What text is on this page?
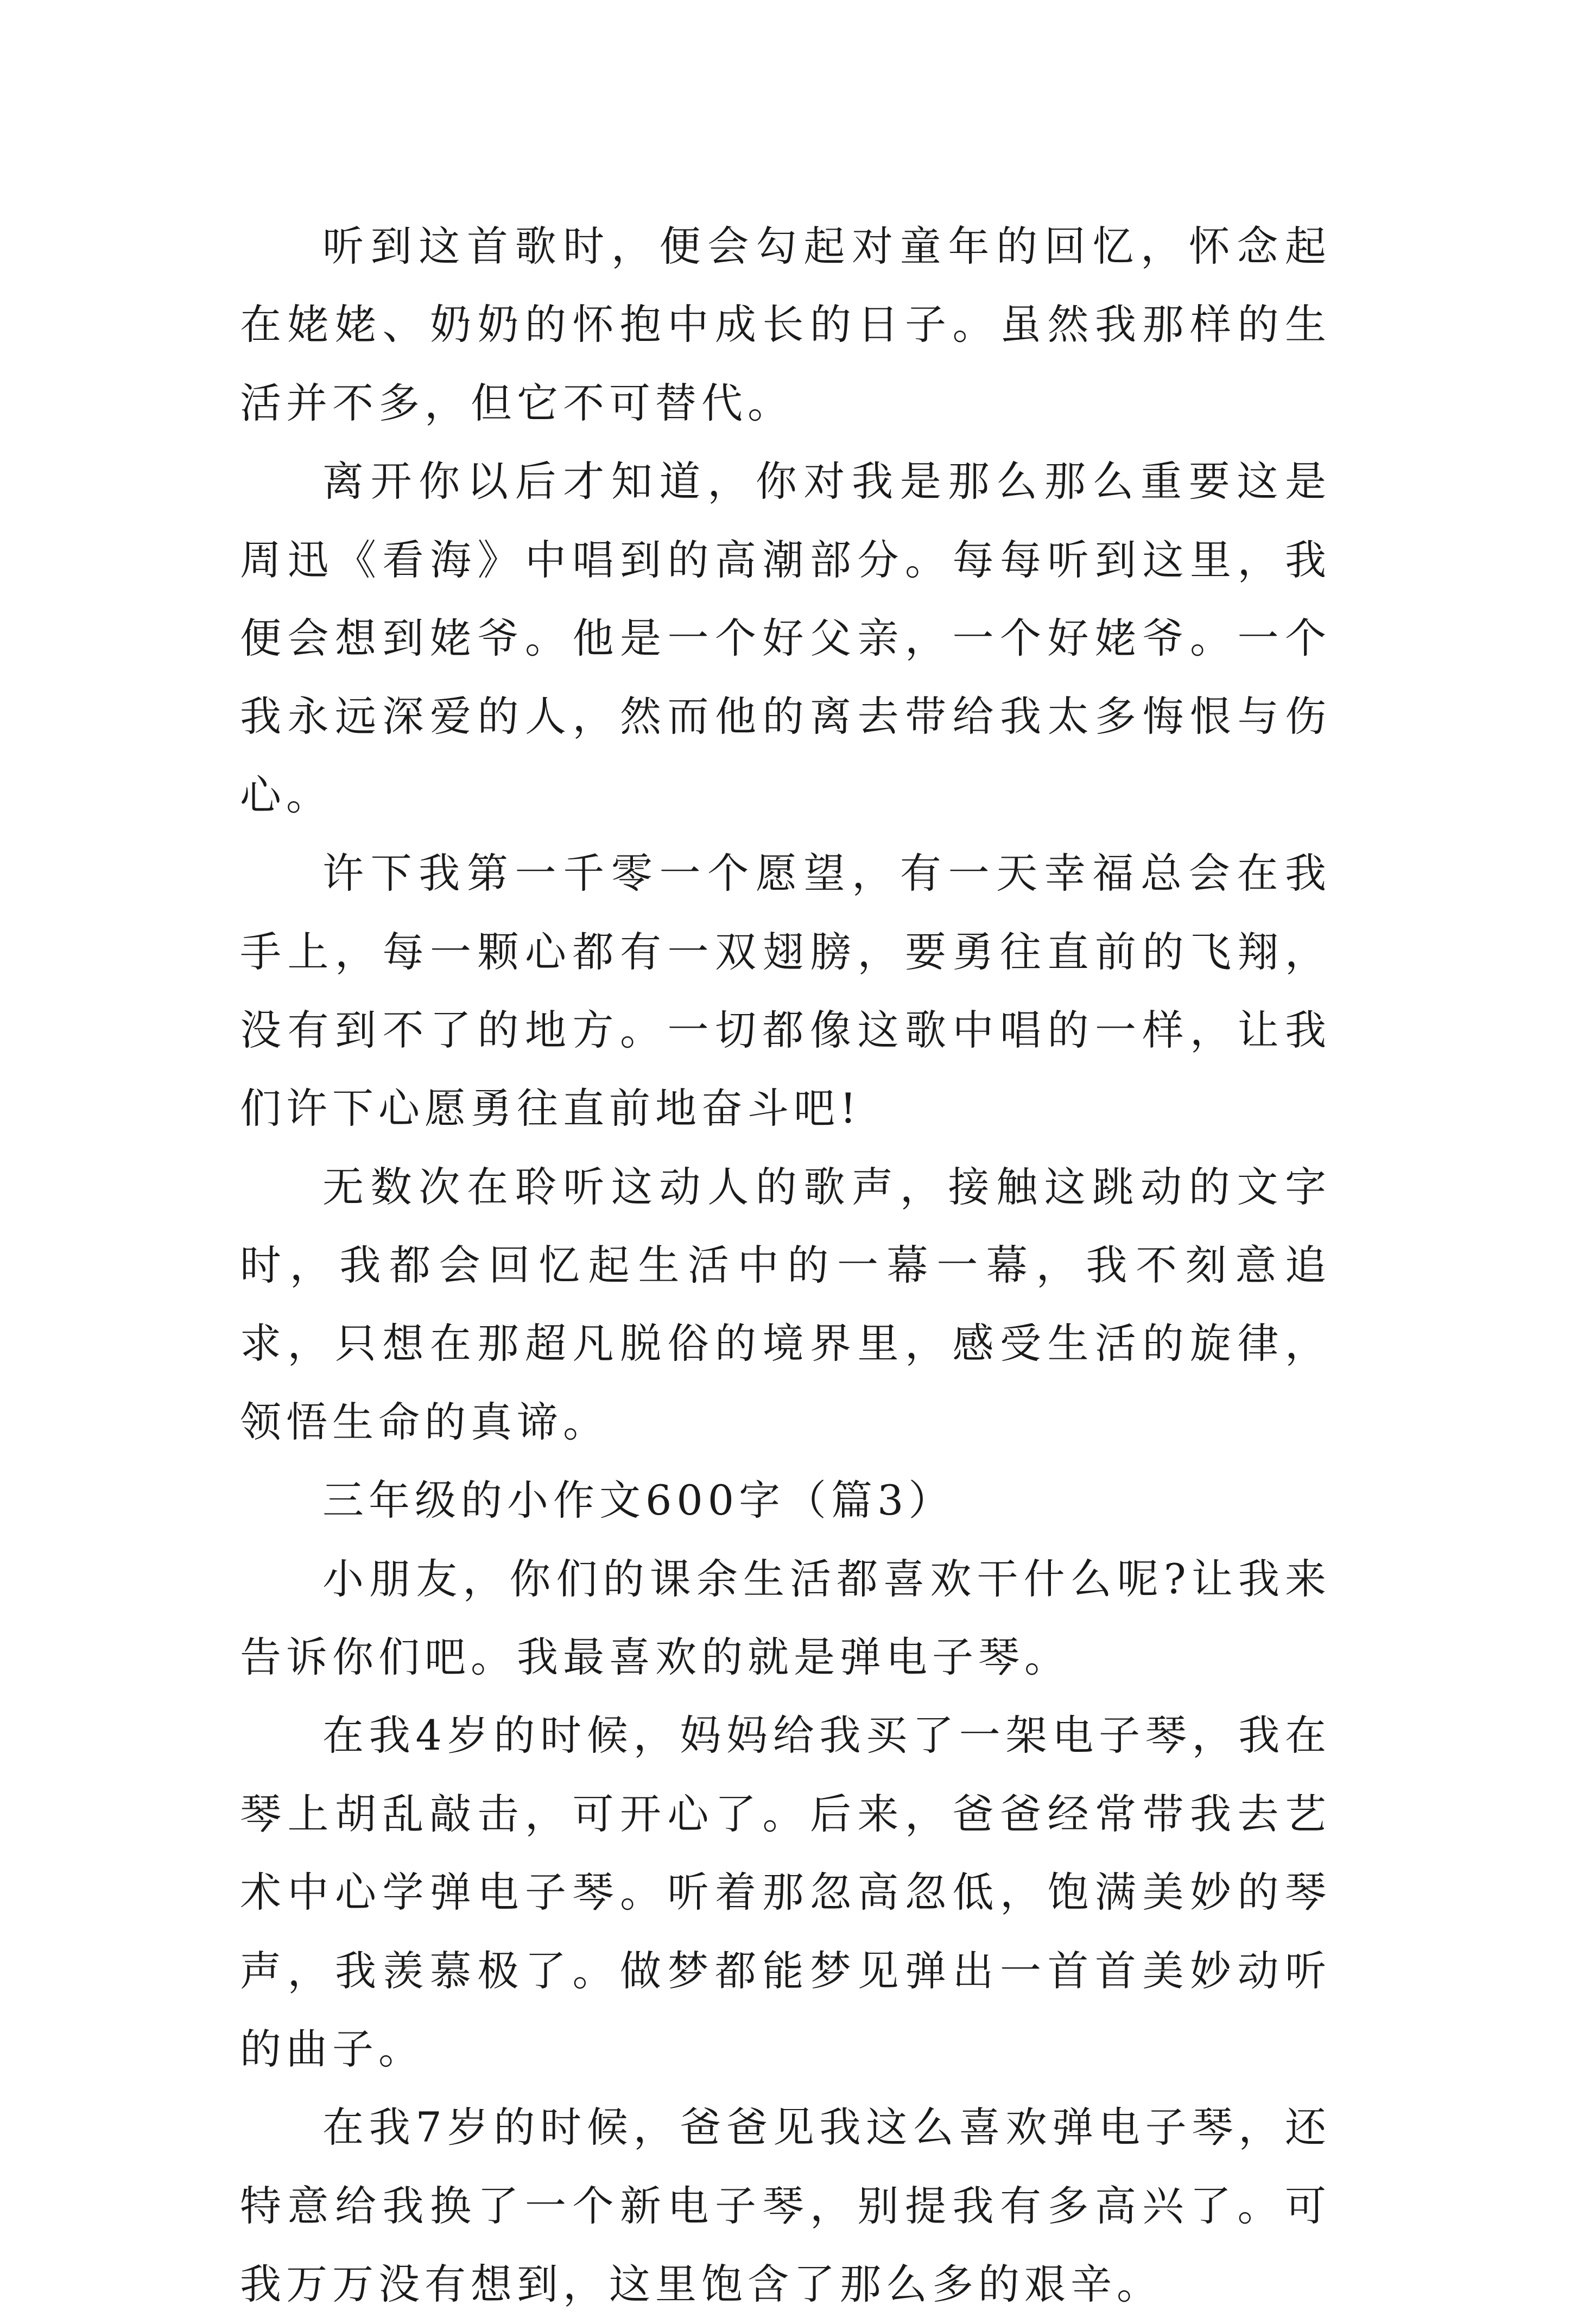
听到这首歌时，便会勾起对童年的回忆，怀念起在姥姥、奶奶的怀抱中成长的日子。虽然我那样的生活并不多，但它不可替代。

离开你以后才知道，你对我是那么那么重要这是周迅《看海》中唱到的高潮部分。每每听到这里，我便会想到姥爷。他是一个好父亲，一个好姥爷。一个我永远深爱的人，然而他的离去带给我太多悔恨与伤心。

许下我第一千零一个愿望，有一天幸福总会在我手上，每一颗心都有一双翅膀，要勇往直前的飞翔，没有到不了的地方。一切都像这歌中唱的一样，让我们许下心愿勇往直前地奋斗吧!

无数次在聆听这动人的歌声，接触这跳动的文字时，我都会回忆起生活中的一幕一幕，我不刻意追求，只想在那超凡脱俗的境界里，感受生活的旋律，领悟生命的真谛。

三年级的小作文600字（篇3）

小朋友，你们的课余生活都喜欢干什么呢?让我来告诉你们吧。我最喜欢的就是弹电子琴。

在我4岁的时候，妈妈给我买了一架电子琴，我在琴上胡乱敲击，可开心了。后来，爸爸经常带我去艺术中心学弹电子琴。听着那忽高忽低，饱满美妙的琴声，我羡慕极了。做梦都能梦见弹出一首首美妙动听的曲子。

在我7岁的时候，爸爸见我这么喜欢弹电子琴，还特意给我换了一个新电子琴，别提我有多高兴了。可我万万没有想到，这里饱含了那么多的艰辛。
